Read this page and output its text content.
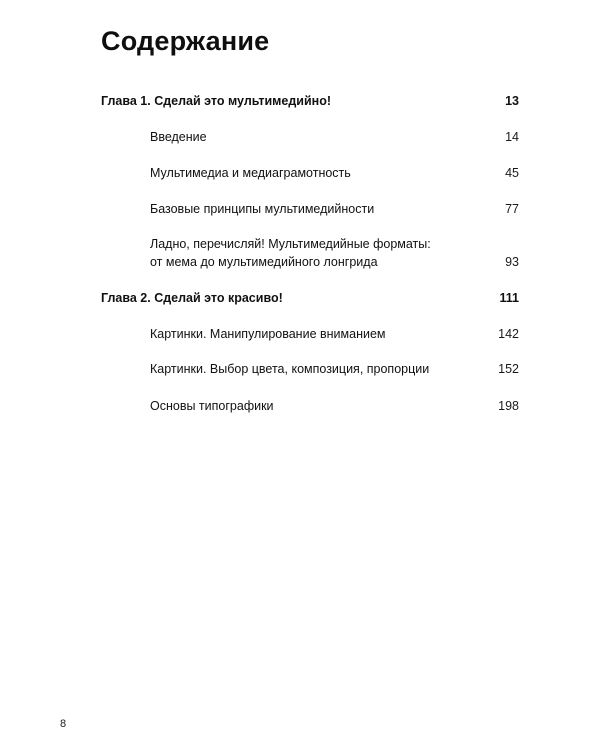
Содержание
Глава 1. Сделай это мультимедийно!	13
Введение	14
Мультимедиа и медиаграмотность	45
Базовые принципы мультимедийности	77
Ладно, перечисляй! Мультимедийные форматы:
от мема до мультимедийного лонгрида	93
Глава 2. Сделай это красиво!	111
Картинки. Манипулирование вниманием	142
Картинки. Выбор цвета, композиция, пропорции	152
Основы типографики	198
8
